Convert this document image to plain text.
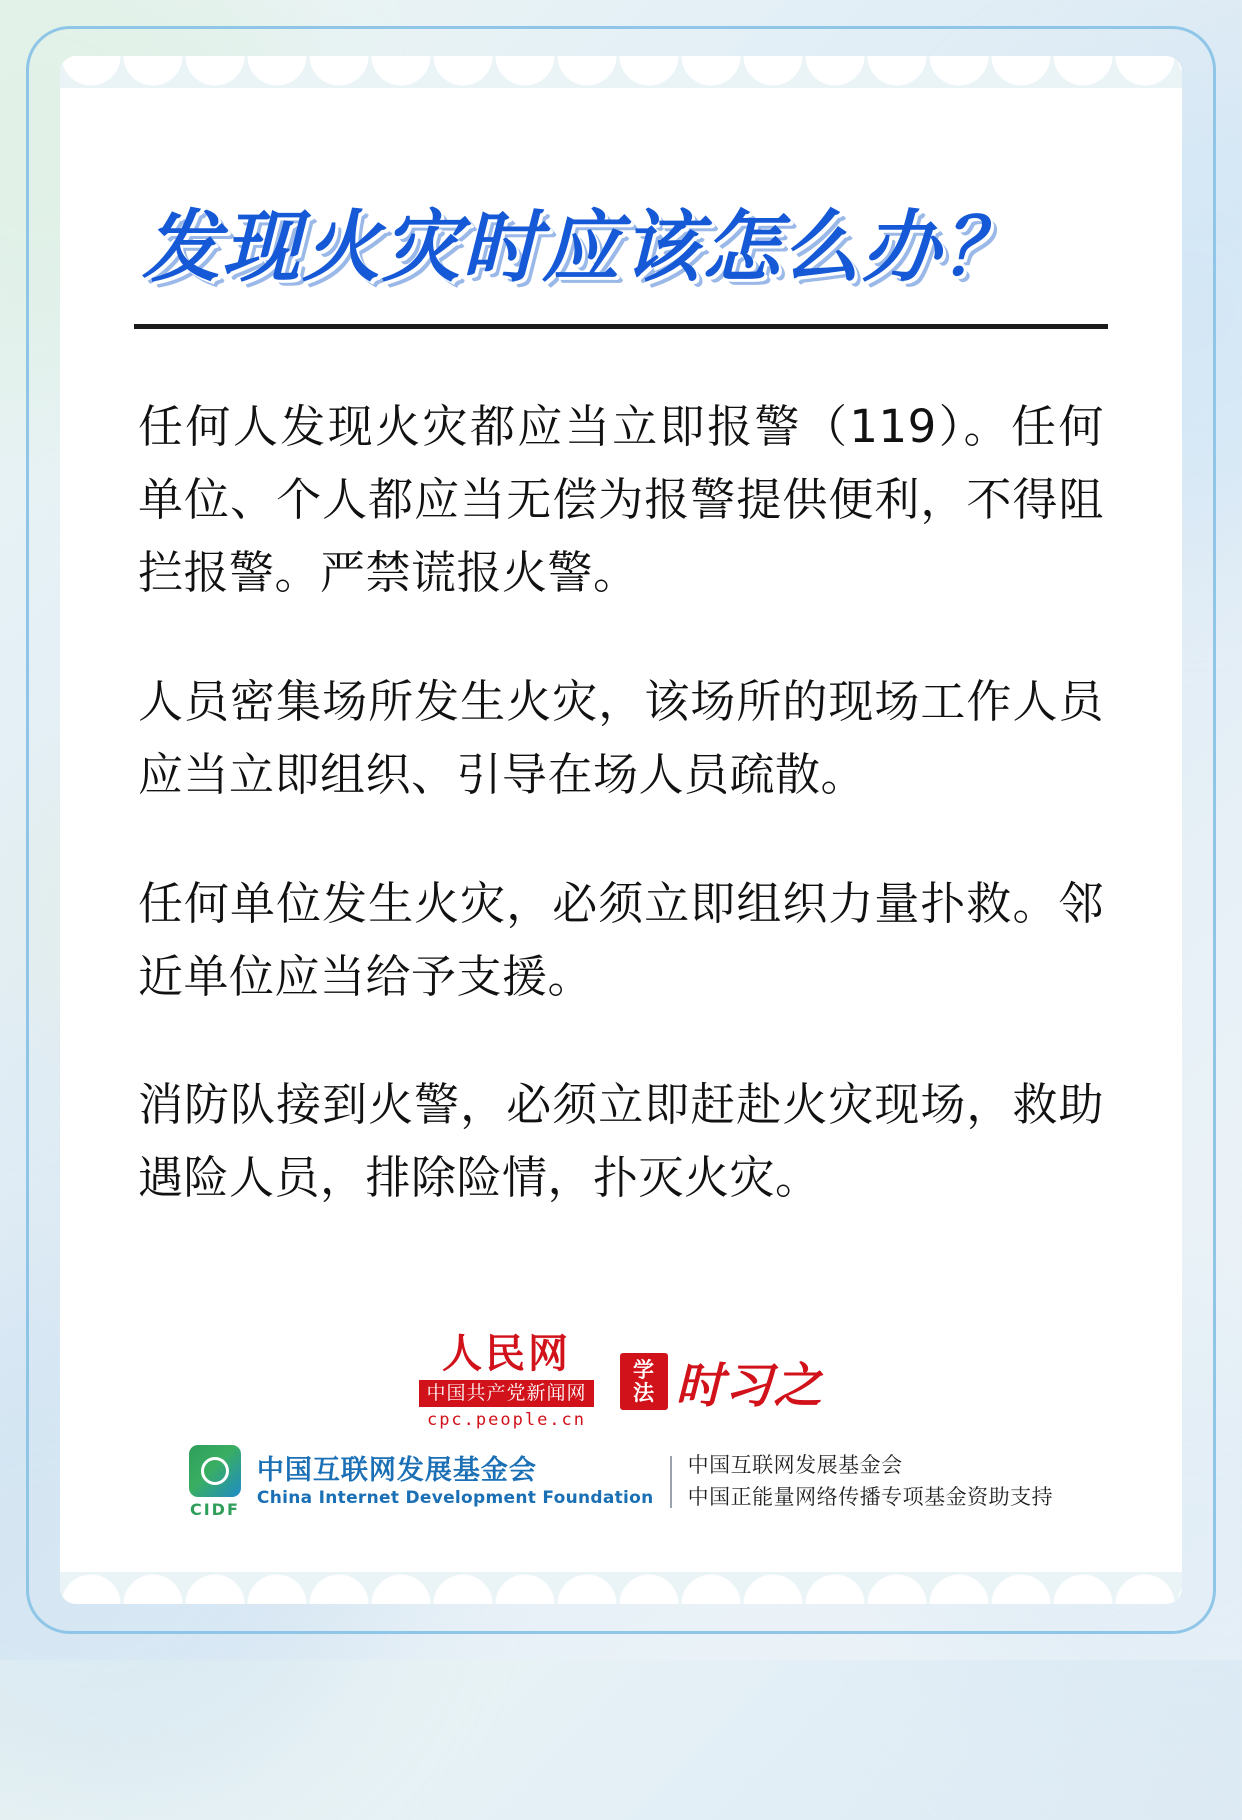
发现火灾时应该怎么办？

任何人发现火灾都应当立即报警（119）。任何单位、个人都应当无偿为报警提供便利，不得阻拦报警。严禁谎报火警。

人员密集场所发生火灾，该场所的现场工作人员应当立即组织、引导在场人员疏散。

任何单位发生火灾，必须立即组织力量扑救。邻近单位应当给予支援。

消防队接到火警，必须立即赶赴火灾现场，救助遇险人员，排除险情，扑灭火灾。

人民网
中国共产党新闻网
cpc.people.cn
学
法 时习之
CIDF
中国互联网发展基金会
China Internet Development Foundation
中国互联网发展基金会
中国正能量网络传播专项基金资助支持
